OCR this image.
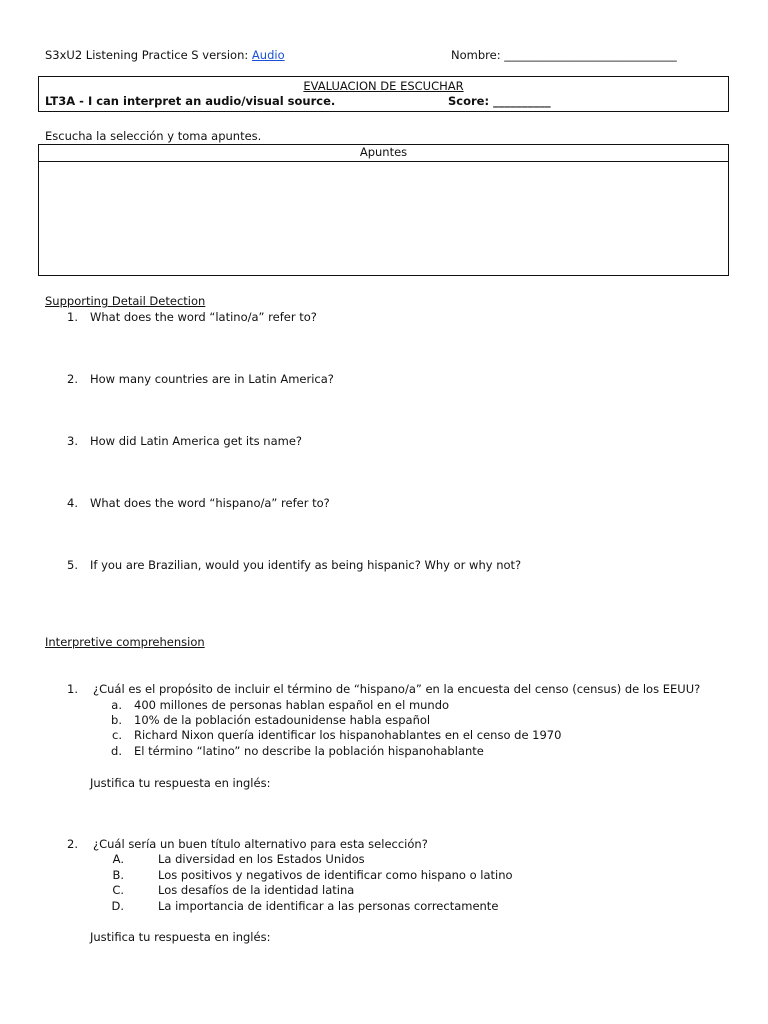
S3xU2 Listening Practice S version: Audio	Nombre: ______________________________
EVALUACION DE ESCUCHAR
LT3A - I can interpret an audio/visual source.	Score: __________
Escucha la selección y toma apuntes.
Apuntes
Supporting Detail Detection
1. What does the word “latino/a” refer to?
2. How many countries are in Latin America?
3. How did Latin America get its name?
4. What does the word “hispano/a” refer to?
5. If you are Brazilian, would you identify as being hispanic? Why or why not?
Interpretive comprehension
1. ¿Cuál es el propósito de incluir el término de “hispano/a” en la encuesta del censo (census) de los EEUU?
a. 400 millones de personas hablan español en el mundo
b. 10% de la población estadounidense habla español
c. Richard Nixon quería identificar los hispanohablantes en el censo de 1970
d. El término “latino” no describe la población hispanohablante
Justifica tu respuesta en inglés:
2. ¿Cuál sería un buen título alternativo para esta selección?
A.	La diversidad en los Estados Unidos
B.	Los positivos y negativos de identificar como hispano o latino
C.	Los desafíos de la identidad latina
D.	La importancia de identificar a las personas correctamente
Justifica tu respuesta en inglés:
